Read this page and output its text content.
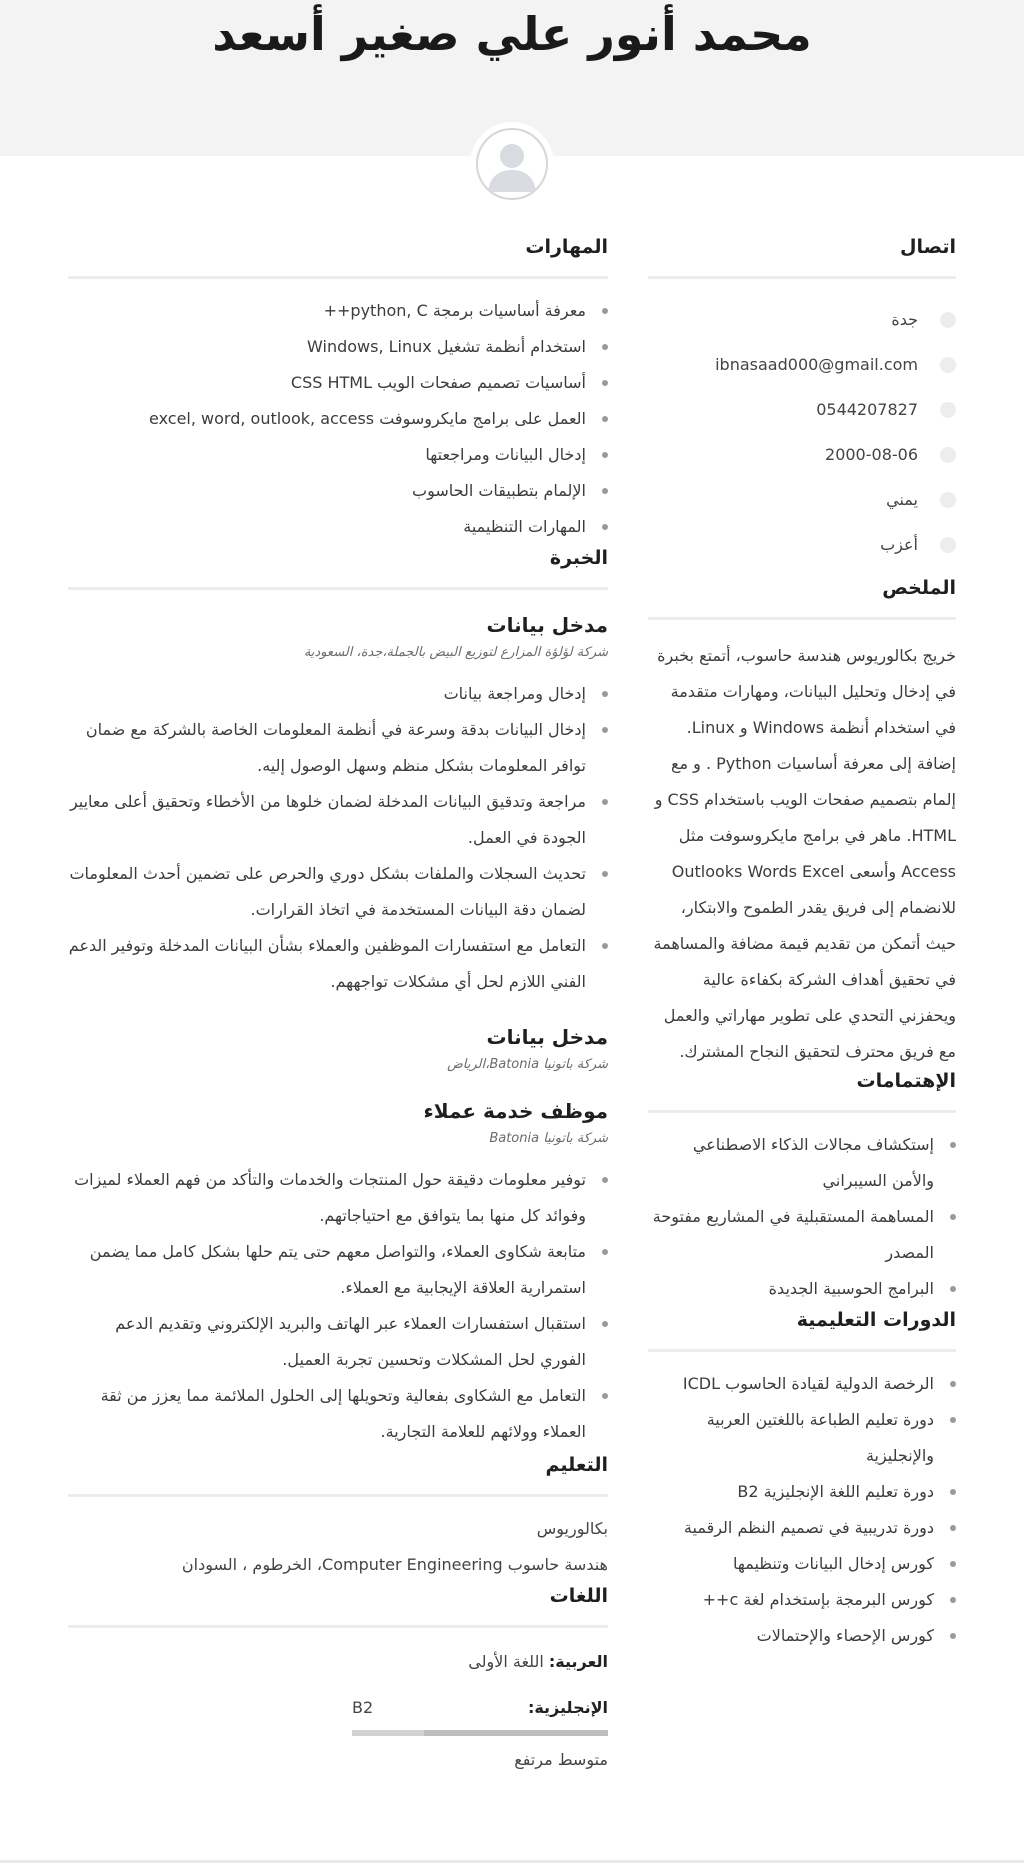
محمد أنور علي صغير أسعد
اتصال
جدة
ibnasaad000@gmail.com
0544207827
2000-08-06
يمني
أعزب
الملخص

خريج بكالوريوس هندسة حاسوب، أتمتع بخبرة في إدخال وتحليل البيانات، ومهارات متقدمة في استخدام أنظمة Windows و Linux. إضافة إلى معرفة أساسيات Python . و مع إلمام بتصميم صفحات الويب باستخدام CSS و HTML. ماهر في برامج مايكروسوفت مثل Access وأسعى Outlooks Words Excel للانضمام إلى فريق يقدر الطموح والابتكار، حيث أتمكن من تقديم قيمة مضافة والمساهمة في تحقيق أهداف الشركة بكفاءة عالية ويحفزني التحدي على تطوير مهاراتي والعمل مع فريق محترف لتحقيق النجاح المشترك.

الإهتمامات
إستكشاف مجالات الذكاء الاصطناعي والأمن السيبراني
المساهمة المستقبلية في المشاريع مفتوحة المصدر
البرامج الحوسبية الجديدة
الدورات التعليمية
الرخصة الدولية لقيادة الحاسوب ICDL
دورة تعليم الطباعة باللغتين العربية والإنجليزية
دورة تعليم اللغة الإنجليزية B2
دورة تدريبية في تصميم النظم الرقمية
كورس إدخال البيانات وتنظيمها
كورس البرمجة بإستخدام لغة c++
كورس الإحصاء والإحتمالات
المهارات
معرفة أساسيات برمجة python, C++
استخدام أنظمة تشغيل Windows, Linux
أساسيات تصميم صفحات الويب CSS HTML
العمل على برامج مايكروسوفت excel, word, outlook, access
إدخال البيانات ومراجعتها
الإلمام بتطبيقات الحاسوب
المهارات التنظيمية
الخبرة
مدخل بيانات

شركة لؤلؤة المزارع لتوزيع البيض بالجملة،جدة، السعودية

إدخال ومراجعة بيانات
إدخال البيانات بدقة وسرعة في أنظمة المعلومات الخاصة بالشركة مع ضمان توافر المعلومات بشكل منظم وسهل الوصول إليه.
مراجعة وتدقيق البيانات المدخلة لضمان خلوها من الأخطاء وتحقيق أعلى معايير الجودة في العمل.
تحديث السجلات والملفات بشكل دوري والحرص على تضمين أحدث المعلومات لضمان دقة البيانات المستخدمة في اتخاذ القرارات.
التعامل مع استفسارات الموظفين والعملاء بشأن البيانات المدخلة وتوفير الدعم الفني اللازم لحل أي مشكلات تواجههم.
مدخل بيانات

شركة باتونيا Batonia،الرياض

موظف خدمة عملاء

شركة باتونيا Batonia

توفير معلومات دقيقة حول المنتجات والخدمات والتأكد من فهم العملاء لميزات وفوائد كل منها بما يتوافق مع احتياجاتهم.
متابعة شكاوى العملاء، والتواصل معهم حتى يتم حلها بشكل كامل مما يضمن استمرارية العلاقة الإيجابية مع العملاء.
استقبال استفسارات العملاء عبر الهاتف والبريد الإلكتروني وتقديم الدعم الفوري لحل المشكلات وتحسين تجربة العميل.
التعامل مع الشكاوى بفعالية وتحويلها إلى الحلول الملائمة مما يعزز من ثقة العملاء وولائهم للعلامة التجارية.
التعليم

بكالوريوس

هندسة حاسوب Computer Engineering، الخرطوم ، السودان

اللغات
العربية: اللغة الأولى
الإنجليزية:
B2
متوسط مرتفع
